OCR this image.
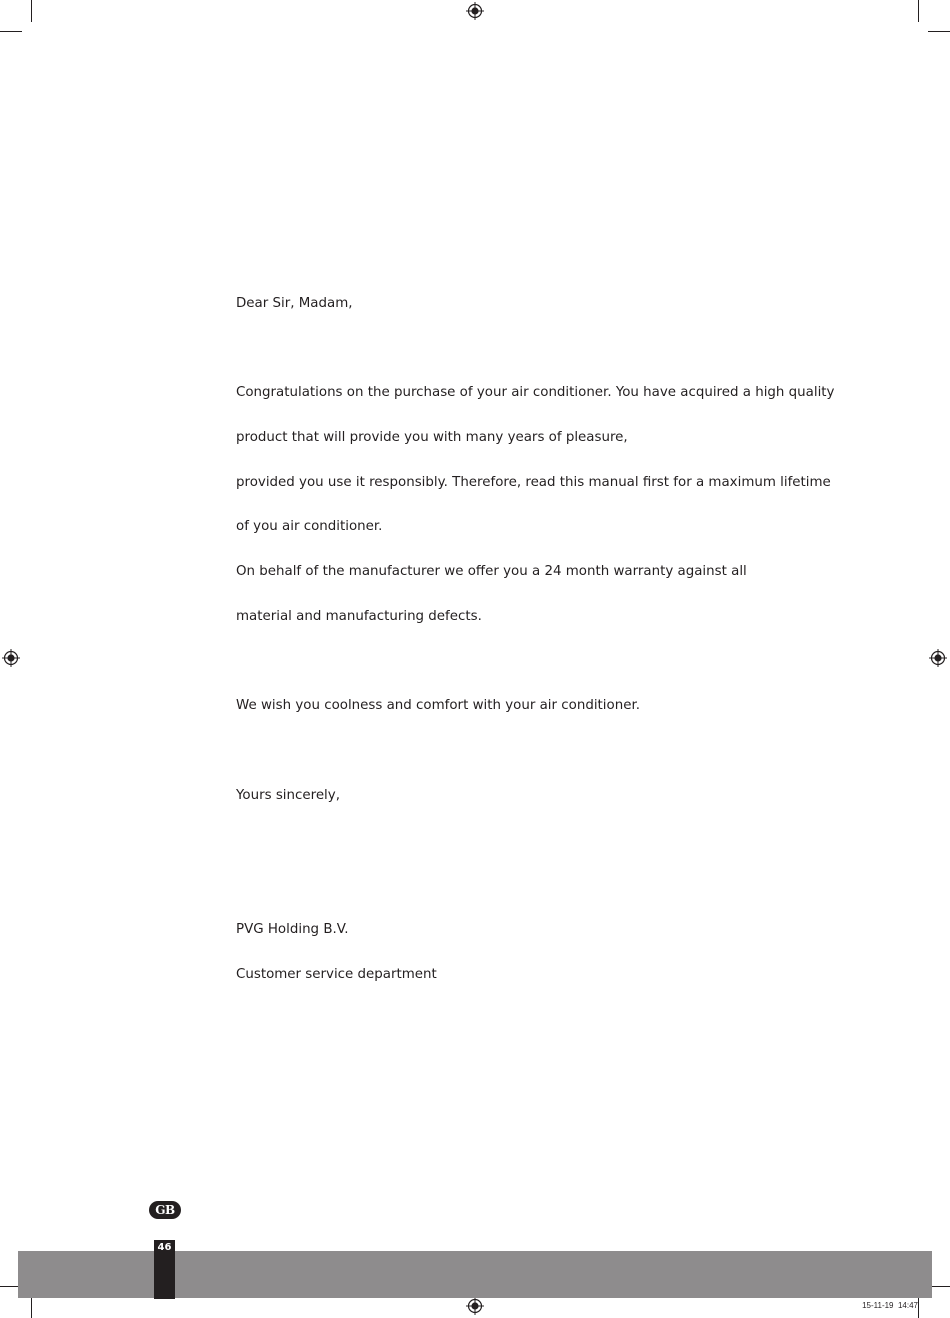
Dear Sir, Madam,

Congratulations on the purchase of your air conditioner. You have acquired a high quality

product that will provide you with many years of pleasure,

provided you use it responsibly. Therefore, read this manual first for a maximum lifetime

of you air conditioner.

On behalf of the manufacturer we offer you a 24 month warranty against all

material and manufacturing defects.

We wish you coolness and comfort with your air conditioner.

Yours sincerely,

PVG Holding B.V.

Customer service department

GB
46
15-11-19 14:47
